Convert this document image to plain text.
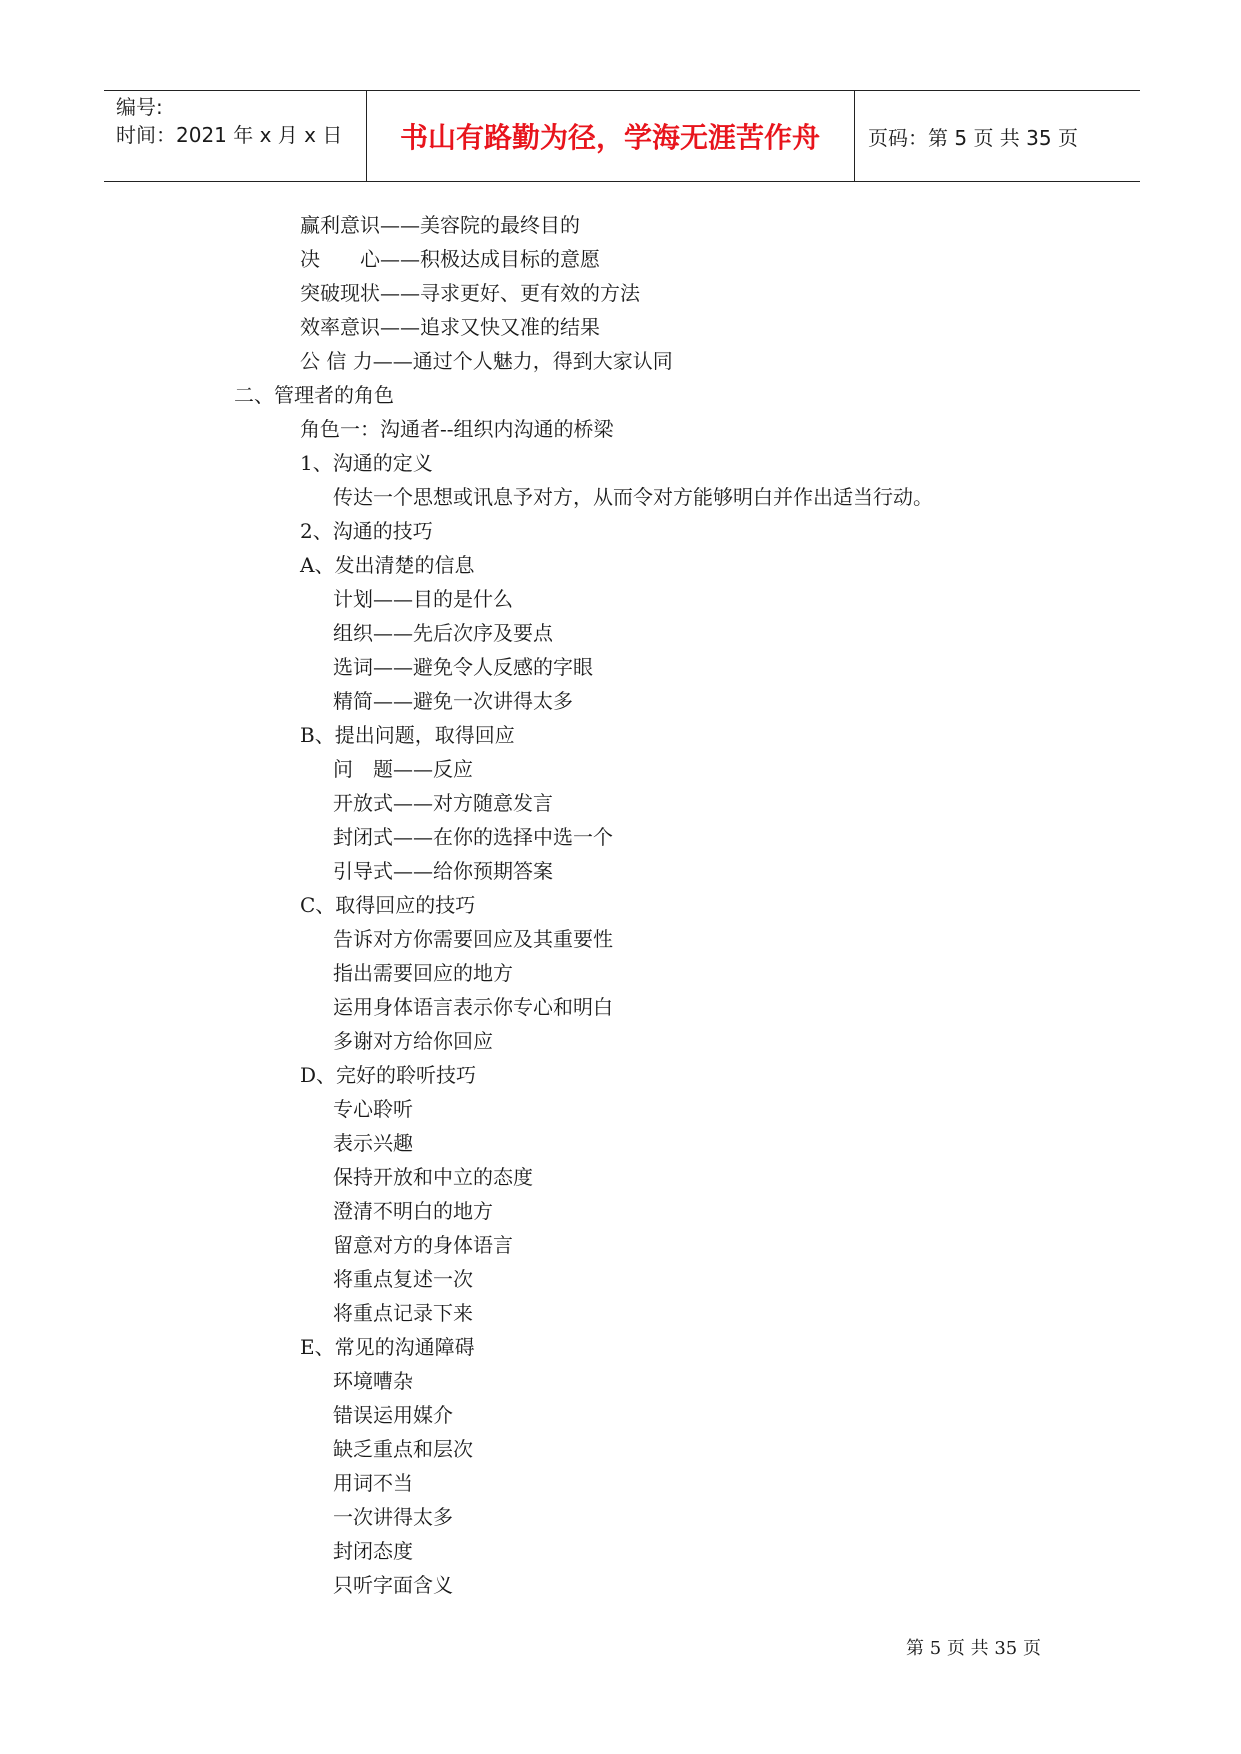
编号:
时间：2021 年 x 月 x 日	书山有路勤为径，学海无涯苦作舟	页码：第 5 页 共 35 页
赢利意识——美容院的最终目的
决　　心——积极达成目标的意愿
突破现状——寻求更好、更有效的方法
效率意识——追求又快又准的结果
公 信 力——通过个人魅力，得到大家认同
二、管理者的角色
角色一：沟通者--组织内沟通的桥梁
1、沟通的定义
传达一个思想或讯息予对方，从而令对方能够明白并作出适当行动。
2、沟通的技巧
A、发出清楚的信息
计划——目的是什么
组织——先后次序及要点
选词——避免令人反感的字眼
精简——避免一次讲得太多
B、提出问题，取得回应
问　题——反应
开放式——对方随意发言
封闭式——在你的选择中选一个
引导式——给你预期答案
C、取得回应的技巧
告诉对方你需要回应及其重要性
指出需要回应的地方
运用身体语言表示你专心和明白
多谢对方给你回应
D、完好的聆听技巧
专心聆听
表示兴趣
保持开放和中立的态度
澄清不明白的地方
留意对方的身体语言
将重点复述一次
将重点记录下来
E、常见的沟通障碍
环境嘈杂
错误运用媒介
缺乏重点和层次
用词不当
一次讲得太多
封闭态度
只听字面含义
第 5 页 共 35 页
